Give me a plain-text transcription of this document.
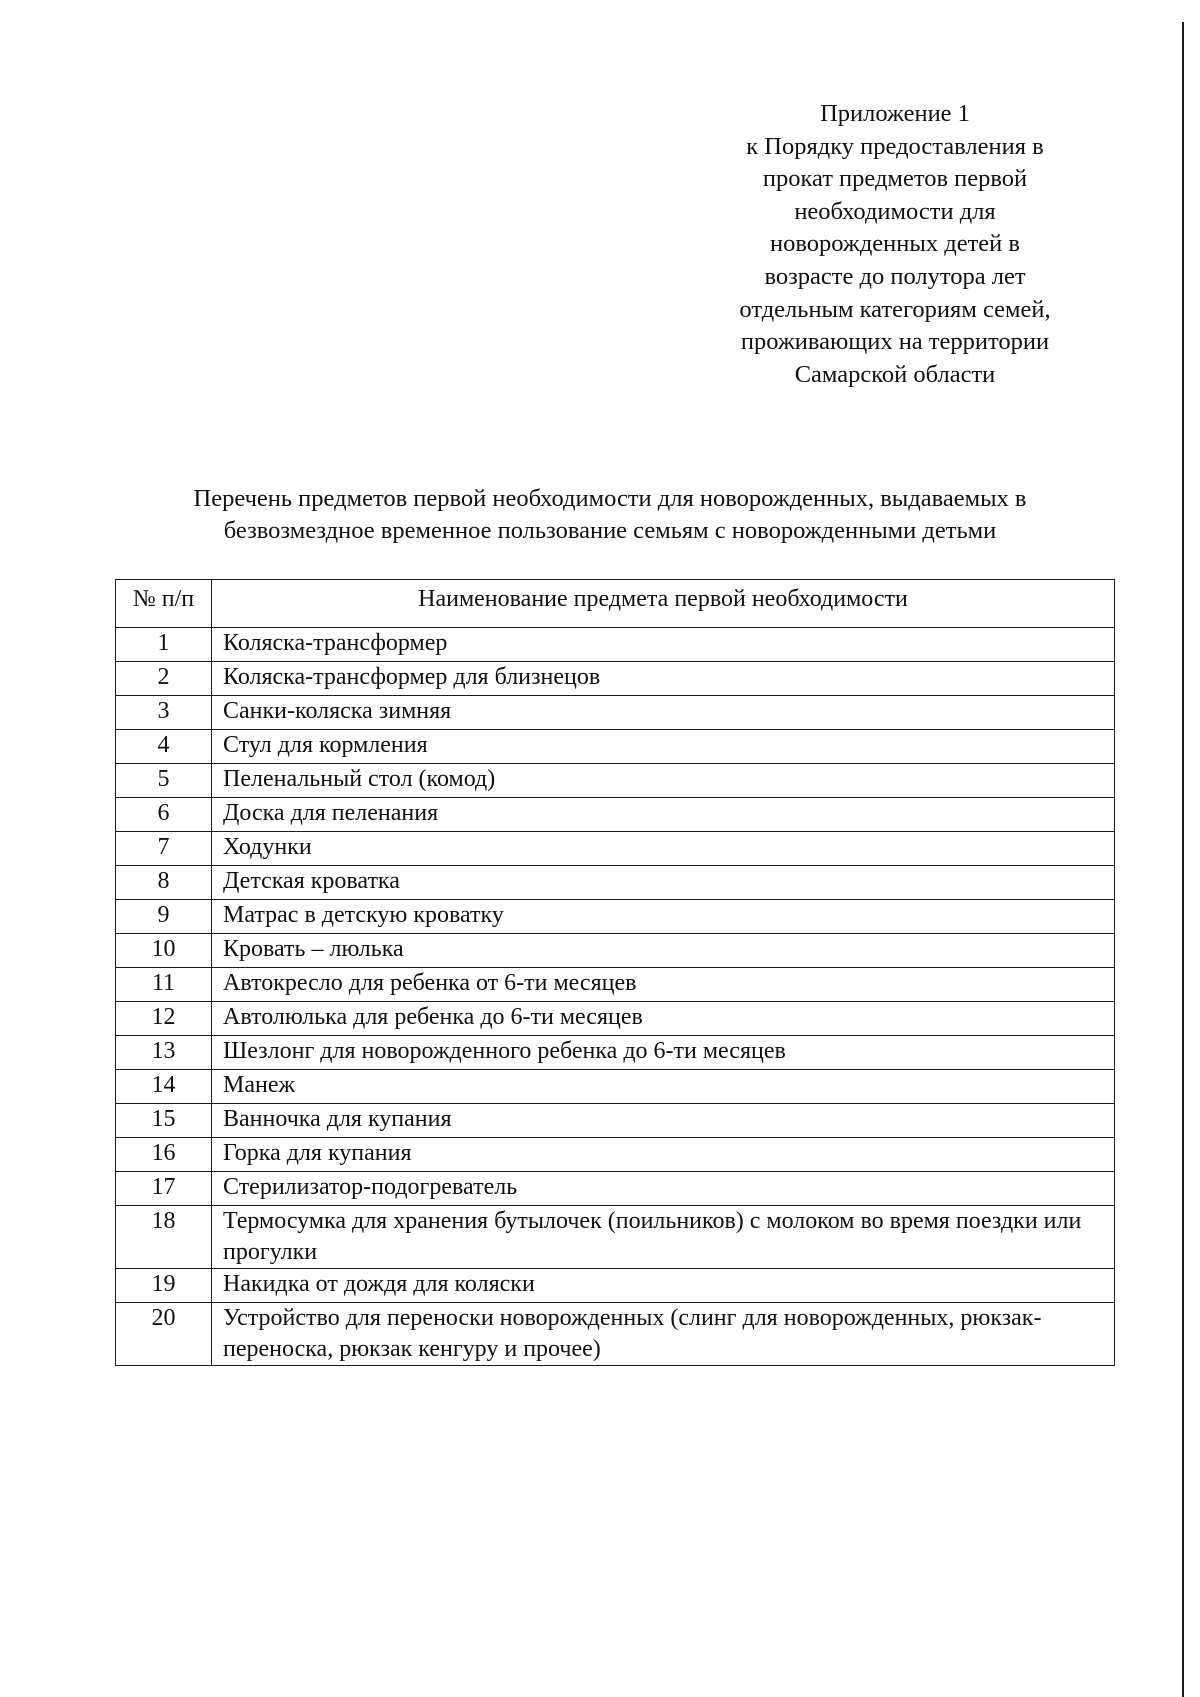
Приложение 1
к Порядку предоставления в
прокат предметов первой
необходимости для
новорожденных детей в
возрасте до полутора лет
отдельным категориям семей,
проживающих на территории
Самарской области
Перечень предметов первой необходимости для новорожденных, выдаваемых в
безвозмездное временное пользование семьям с новорожденными детьми
№ п/п	Наименование предмета первой необходимости
1	Коляска-трансформер
2	Коляска-трансформер для близнецов
3	Санки-коляска зимняя
4	Стул для кормления
5	Пеленальный стол (комод)
6	Доска для пеленания
7	Ходунки
8	Детская кроватка
9	Матрас в детскую кроватку
10	Кровать – люлька
11	Автокресло для ребенка от 6-ти месяцев
12	Автолюлька для ребенка до 6-ти месяцев
13	Шезлонг для новорожденного ребенка до 6-ти месяцев
14	Манеж
15	Ванночка для купания
16	Горка для купания
17	Стерилизатор-подогреватель
18	Термосумка для хранения бутылочек (поильников) с молоком во время поездки или прогулки
19	Накидка от дождя для коляски
20	Устройство для переноски новорожденных (слинг для новорожденных, рюкзак-переноска, рюкзак кенгуру и прочее)
